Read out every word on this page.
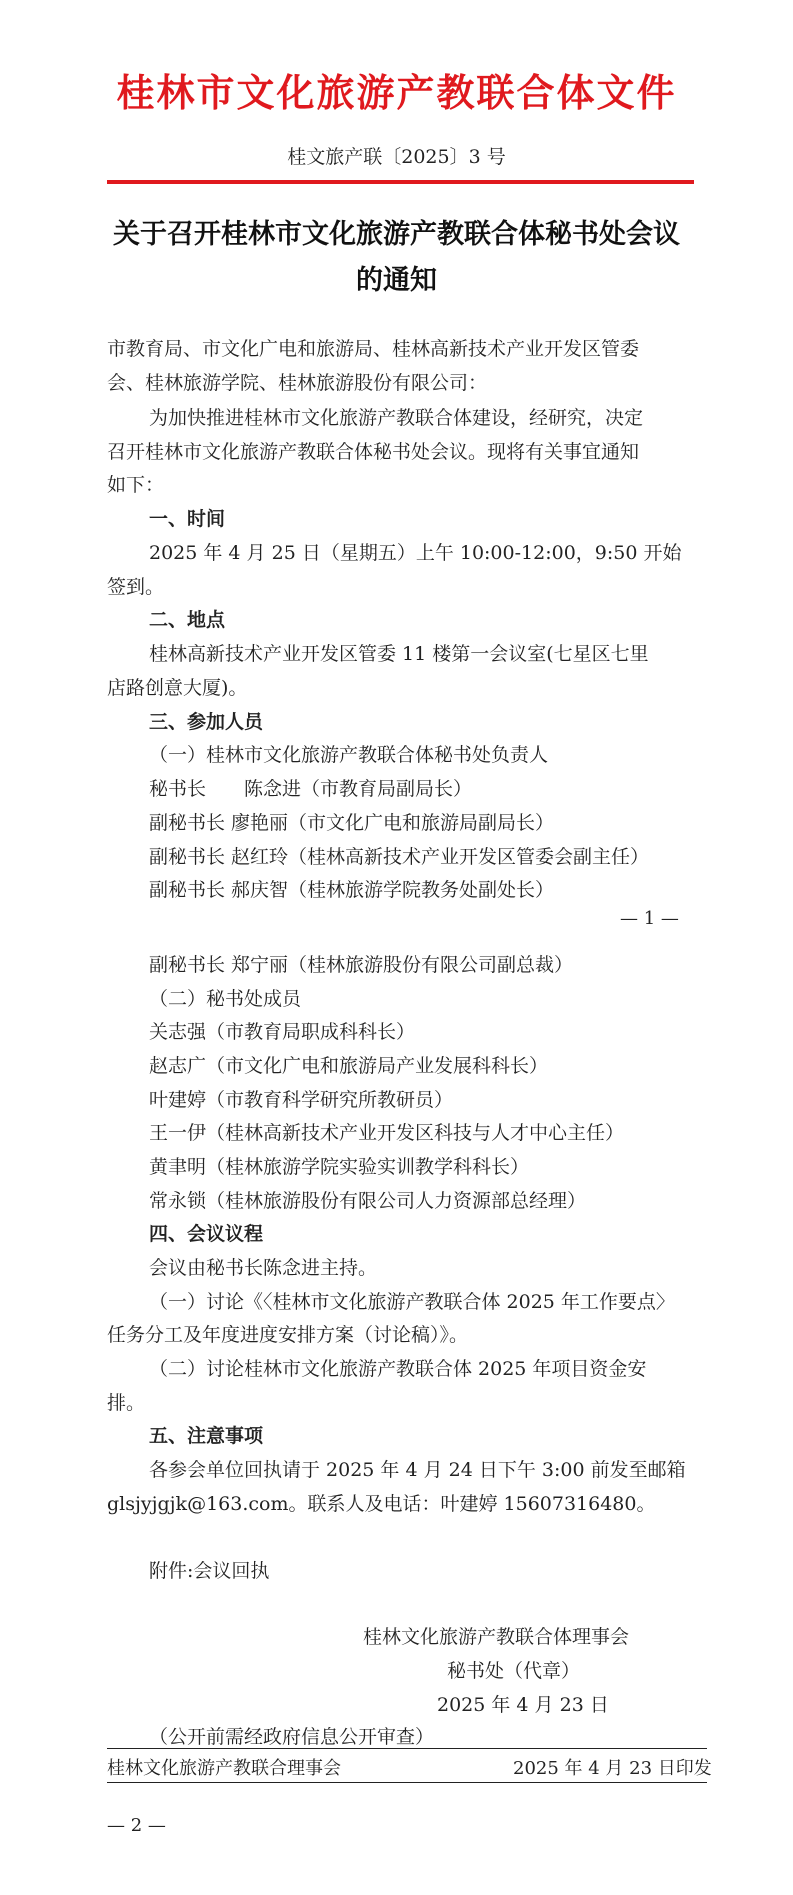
桂林市文化旅游产教联合体文件
桂文旅产联〔2025〕3 号
关于召开桂林市文化旅游产教联合体秘书处会议
的通知
市教育局、市文化广电和旅游局、桂林高新技术产业开发区管委
会、桂林旅游学院、桂林旅游股份有限公司：
为加快推进桂林市文化旅游产教联合体建设，经研究，决定
召开桂林市文化旅游产教联合体秘书处会议。现将有关事宜通知
如下：
一、时间
2025 年 4 月 25 日（星期五）上午 10:00-12:00，9:50 开始
签到。
二、地点
桂林高新技术产业开发区管委 11 楼第一会议室(七星区七里
店路创意大厦)。
三、参加人员
（一）桂林市文化旅游产教联合体秘书处负责人
秘书长　　陈念进（市教育局副局长）
副秘书长 廖艳丽（市文化广电和旅游局副局长）
副秘书长 赵红玲（桂林高新技术产业开发区管委会副主任）
副秘书长 郝庆智（桂林旅游学院教务处副处长）
— 1 —
副秘书长 郑宁丽（桂林旅游股份有限公司副总裁）
（二）秘书处成员
关志强（市教育局职成科科长）
赵志广（市文化广电和旅游局产业发展科科长）
叶建婷（市教育科学研究所教研员）
王一伊（桂林高新技术产业开发区科技与人才中心主任）
黄聿明（桂林旅游学院实验实训教学科科长）
常永锁（桂林旅游股份有限公司人力资源部总经理）
四、会议议程
会议由秘书长陈念进主持。
（一）讨论《〈桂林市文化旅游产教联合体 2025 年工作要点〉
任务分工及年度进度安排方案（讨论稿）》。
（二）讨论桂林市文化旅游产教联合体 2025 年项目资金安
排。
五、注意事项
各参会单位回执请于 2025 年 4 月 24 日下午 3:00 前发至邮箱
glsjyjgjk@163.com。联系人及电话：叶建婷 15607316480。
附件:会议回执
桂林文化旅游产教联合体理事会
秘书处（代章）
2025 年 4 月 23 日
（公开前需经政府信息公开审查）
桂林文化旅游产教联合理事会	2025 年 4 月 23 日印发
— 2 —
